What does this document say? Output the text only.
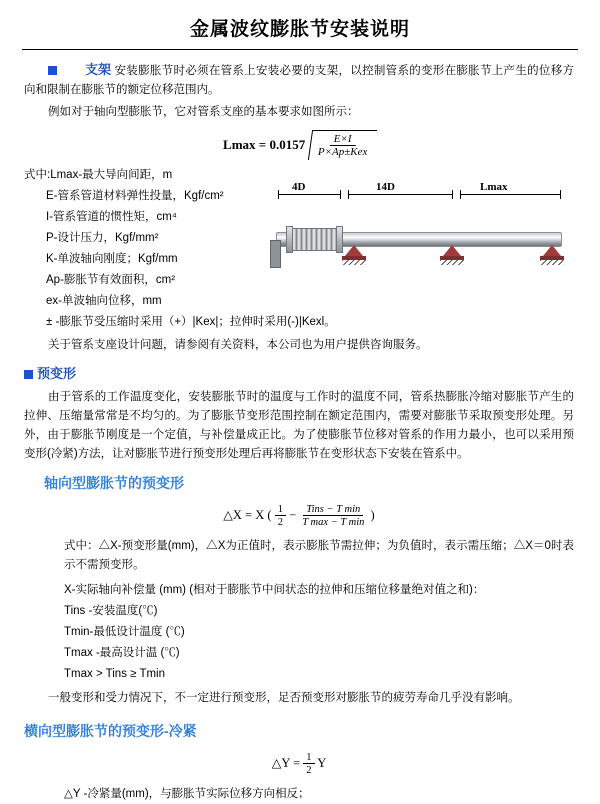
金属波纹膨胀节安装说明

支架 安装膨胀节时必须在管系上安装必要的支架，以控制管系的变形在膨胀节上产生的位移方向和限制在膨胀节的额定位移范围内。

例如对于轴向型膨胀节，它对管系支座的基本要求如图所示：

$Lmax = 0.0157 \frac{E\times I}{\text{P×Ap±Kex}}$
4D	14D	Lmax

式中:Lmax-最大导向间距，m

E-管系管道材料弹性投量，Kgf/cm²

I-管系管道的惯性矩，cm⁴

P-设计压力，Kgf/mm²

K-单波轴向刚度；Kgf/mm

Ap-膨胀节有效面积，cm²

ex-单波轴向位移，mm

± -膨胀节受压缩时采用（+）|Kex|；拉伸时采用(-)|Kexl。

关于管系支座设计问题，请参阅有关资料，本公司也为用户提供咨询服务。

预变形

由于管系的工作温度变化，安装膨胀节时的温度与工作时的温度不同，管系热膨胀冷缩对膨胀节产生的拉伸、压缩量常常是不均匀的。为了膨胀节变形范围控制在额定范围内，需要对膨胀节采取预变形处理。另外，由于膨胀节刚度是一个定值，与补偿量成正比。为了使膨胀节位移对管系的作用力最小，也可以采用预变形(冷紧)方法，让对膨胀节进行预变形处理后再将膨胀节在变形状态下安装在管系中。

轴向型膨胀节的预变形
△X = X ( $\frac{1}{2} - \frac{\text{Tins − T min}}{\text{T max − T min}}$ )

式中：△X-预变形量(mm)，△X为正值时，表示膨胀节需拉伸；为负值时，表示需压缩；△X＝0时表示不需预变形。

X-实际轴向补偿量 (mm) (相对于膨胀节中间状态的拉伸和压缩位移量绝对值之和)：

Tins -安装温度(℃)

Tmin-最低设计温度 (℃)

Tmax -最高设计温 (℃)

Tmax > Tins ≥ Tmin

一般变形和受力情况下，不一定进行预变形，足否预变形对膨胀节的疲劳寿命几乎没有影响。

横向型膨胀节的预变形-冷紧
△Y = $\frac{1}{2}$ Y

△Y -冷紧量(mm)，与膨胀节实际位移方向相反；
